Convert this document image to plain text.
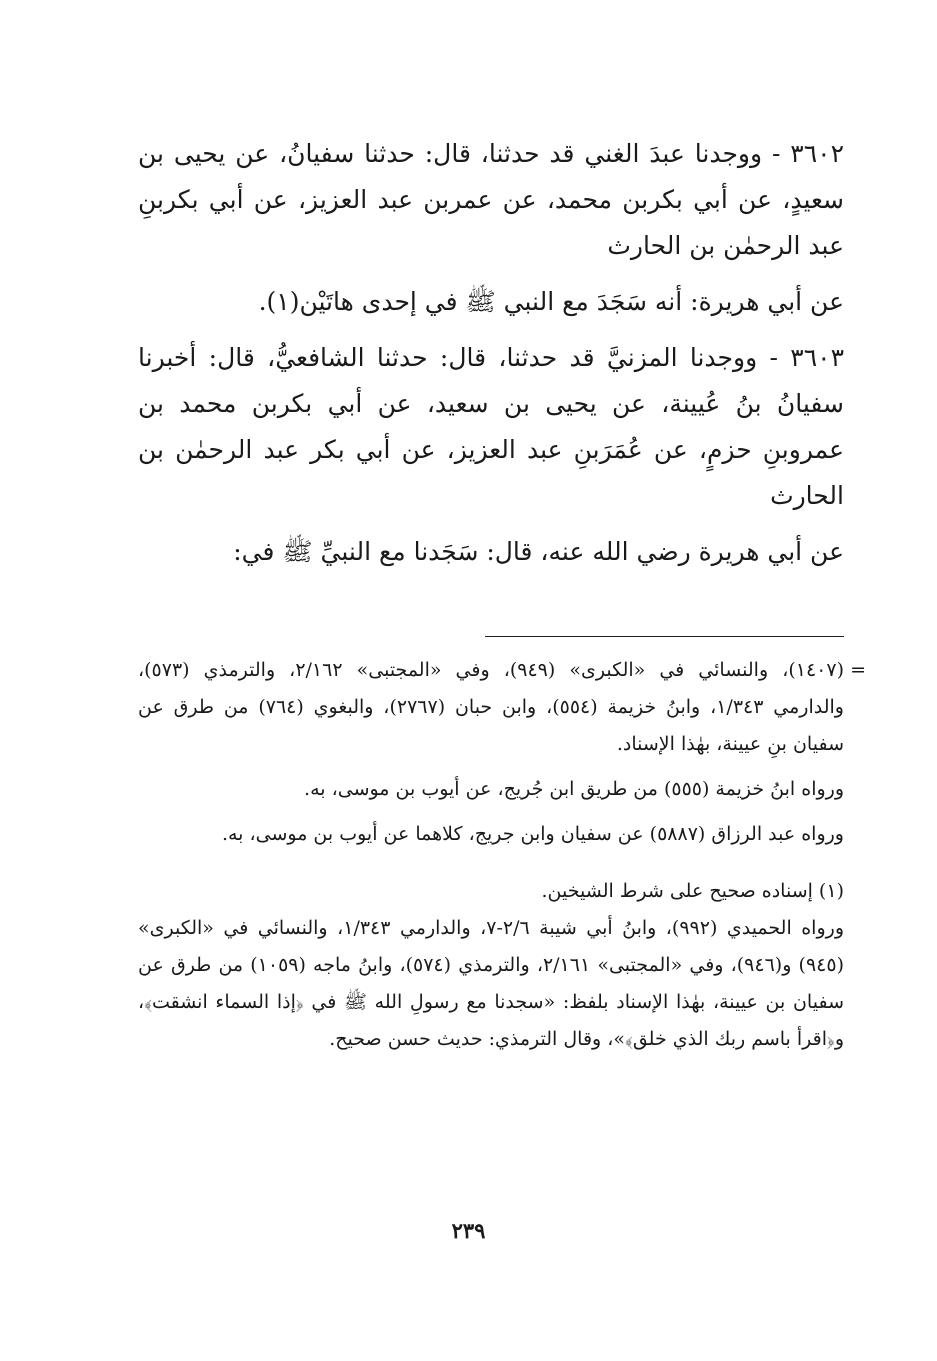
٣٦٠٢ - ووجدنا عبدَ الغني قد حدثنا، قال: حدثنا سفيانُ، عن يحيى بن سعيدٍ، عن أبي بكربن محمد، عن عمربن عبد العزيز، عن أبي بكربنِ عبد الرحمٰن بن الحارث

عن أبي هريرة: أنه سَجَدَ مع النبي ﷺ في إحدى هاتَيْن(١).

٣٦٠٣ - ووجدنا المزنيَّ قد حدثنا، قال: حدثنا الشافعيُّ، قال: أخبرنا سفيانُ بنُ عُيينة، عن يحيى بن سعيد، عن أبي بكربن محمد بن عمروبنِ حزمٍ، عن عُمَرَبنِ عبد العزيز، عن أبي بكر عبد الرحمٰن بن الحارث

عن أبي هريرة رضي الله عنه، قال: سَجَدنا مع النبيِّ ﷺ في:

=
(١٤٠٧)، والنسائي في «الكبرى» (٩٤٩)، وفي «المجتبى» ٢/١٦٢، والترمذي (٥٧٣)، والدارمي ١/٣٤٣، وابنُ خزيمة (٥٥٤)، وابن حبان (٢٧٦٧)، والبغوي (٧٦٤) من طرق عن سفيان بنِ عيينة، بهٰذا الإسناد.

ورواه ابنُ خزيمة (٥٥٥) من طريق ابن جُريج، عن أيوب بن موسى، به.

ورواه عبد الرزاق (٥٨٨٧) عن سفيان وابن جريج، كلاهما عن أيوب بن موسى، به.

(١) إسناده صحيح على شرط الشيخين.

ورواه الحميدي (٩٩٢)، وابنُ أبي شيبة ٢/٦-٧، والدارمي ١/٣٤٣، والنسائي في «الكبرى» (٩٤٥) و(٩٤٦)، وفي «المجتبى» ٢/١٦١، والترمذي (٥٧٤)، وابنُ ماجه (١٠٥٩) من طرق عن سفيان بن عيينة، بهٰذا الإسناد بلفظ: «سجدنا مع رسولِ الله ﷺ في ﴿إذا السماء انشقت﴾، و﴿اقرأ باسم ربك الذي خلق﴾»، وقال الترمذي: حديث حسن صحيح.

٢٣٩
